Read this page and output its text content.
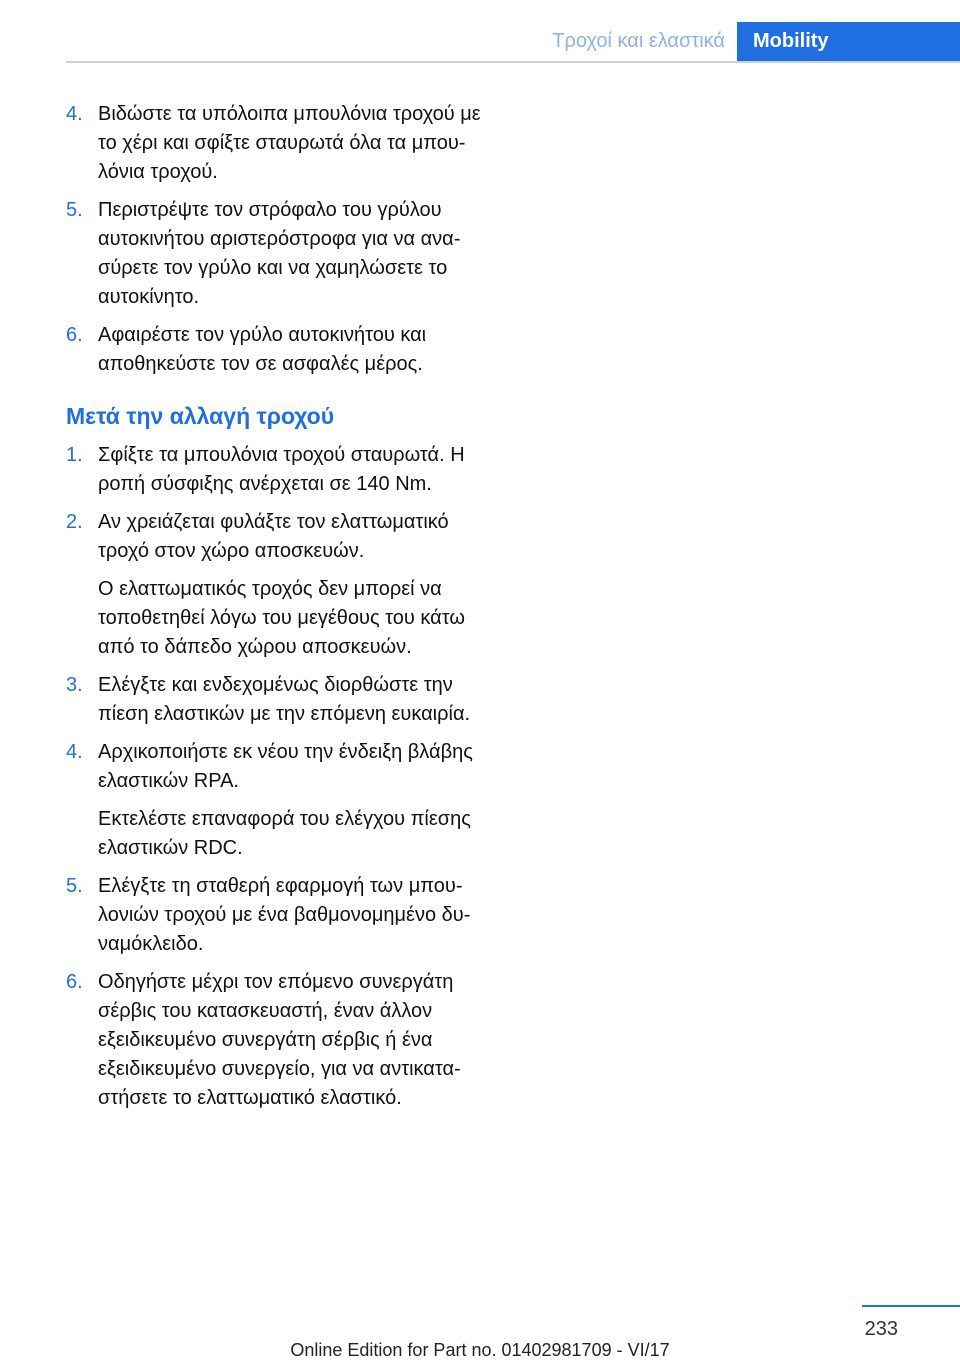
Τροχοί και ελαστικά	Mobility
4. Βιδώστε τα υπόλοιπα μπουλόνια τροχού με το χέρι και σφίξτε σταυρωτά όλα τα μπου‐λόνια τροχού.

5. Περιστρέψτε τον στρόφαλο του γρύλου αυτοκινήτου αριστερόστροφα για να ανα‐σύρετε τον γρύλο και να χαμηλώσετε το αυτοκίνητο.

6. Αφαιρέστε τον γρύλο αυτοκινήτου και αποθηκεύστε τον σε ασφαλές μέρος.

Μετά την αλλαγή τροχού
1. Σφίξτε τα μπουλόνια τροχού σταυρωτά. Η ροπή σύσφιξης ανέρχεται σε 140 Nm.

2. Αν χρειάζεται φυλάξτε τον ελαττωματικό τροχό στον χώρο αποσκευών.

Ο ελαττωματικός τροχός δεν μπορεί να τοποθετηθεί λόγω του μεγέθους του κάτω από το δάπεδο χώρου αποσκευών.

3. Ελέγξτε και ενδεχομένως διορθώστε την πίεση ελαστικών με την επόμενη ευκαιρία.

4. Αρχικοποιήστε εκ νέου την ένδειξη βλάβης ελαστικών RPA.

Εκτελέστε επαναφορά του ελέγχου πίεσης ελαστικών RDC.

5. Ελέγξτε τη σταθερή εφαρμογή των μπου‐λονιών τροχού με ένα βαθμονομημένο δυ‐ναμόκλειδο.

6. Οδηγήστε μέχρι τον επόμενο συνεργάτη σέρβις του κατασκευαστή, έναν άλλον εξειδικευμένο συνεργάτη σέρβις ή ένα εξειδικευμένο συνεργείο, για να αντικατα‐στήσετε το ελαττωματικό ελαστικό.

233
Online Edition for Part no. 01402981709 - VI/17
